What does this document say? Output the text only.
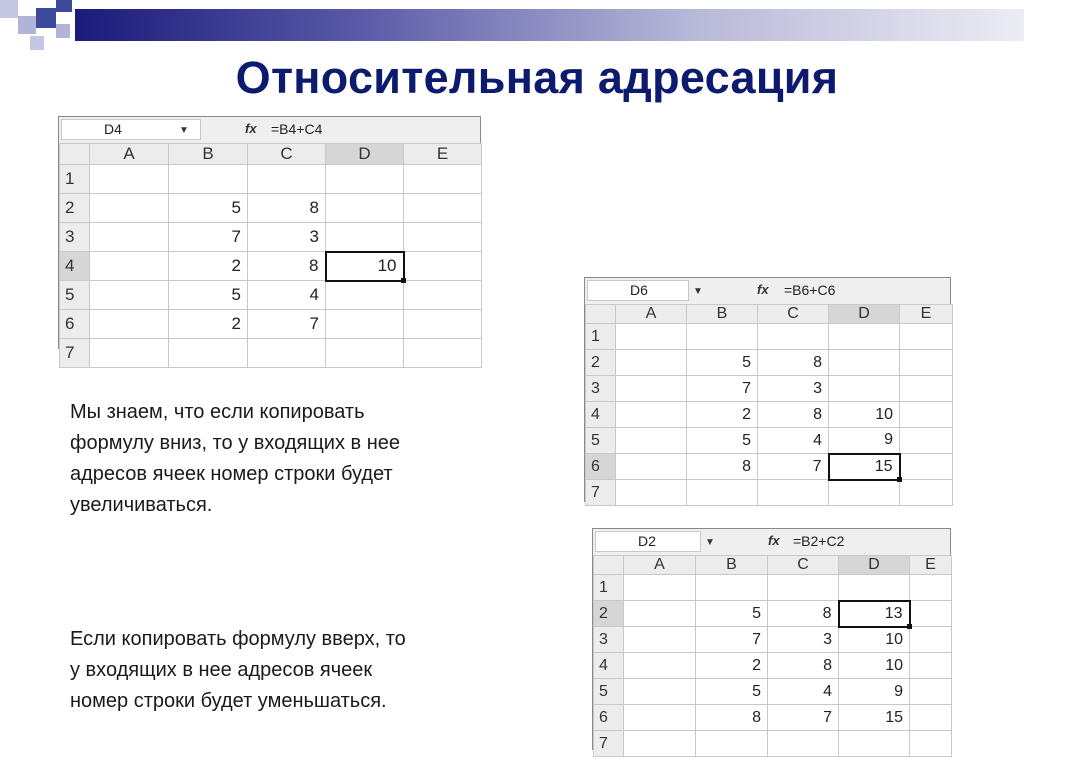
Относительная адресация
D4	▼	fx =B4+C4
	A	B	C	D	E
1					
2		5	8		
3		7	3		
4		2	8	10	
5		5	4		
6		2	7		
7					
D6	▼	fx =B6+C6
	A	B	C	D	E
1					
2		5	8		
3		7	3		
4		2	8	10	
5		5	4	9	
6		8	7	15	
7					
D2	▼	fx =B2+C2
	A	B	C	D	E
1					
2		5	8	13	
3		7	3	10	
4		2	8	10	
5		5	4	9	
6		8	7	15	
7					
Мы знаем, что если копировать
формулу вниз, то у входящих в нее
адресов ячеек номер строки будет
увеличиваться.
Если копировать формулу вверх, то
у входящих в нее адресов ячеек
номер строки будет уменьшаться.
